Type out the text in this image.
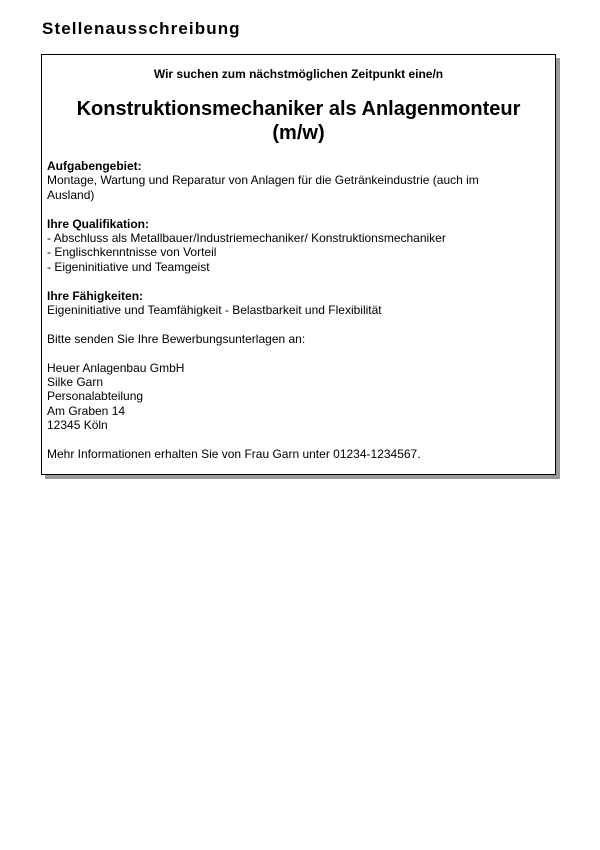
Stellenausschreibung
Wir suchen zum nächstmöglichen Zeitpunkt eine/n
Konstruktionsmechaniker als Anlagenmonteur
(m/w)
Aufgabengebiet:
Montage, Wartung und Reparatur von Anlagen für die Getränkeindustrie (auch im
Ausland)
Ihre Qualifikation:
- Abschluss als Metallbauer/Industriemechaniker/ Konstruktionsmechaniker
- Englischkenntnisse von Vorteil
- Eigeninitiative und Teamgeist
Ihre Fähigkeiten:
Eigeninitiative und Teamfähigkeit - Belastbarkeit und Flexibilität
Bitte senden Sie Ihre Bewerbungsunterlagen an:
Heuer Anlagenbau GmbH
Silke Garn
Personalabteilung
Am Graben 14
12345 Köln
Mehr Informationen erhalten Sie von Frau Garn unter 01234-1234567.
